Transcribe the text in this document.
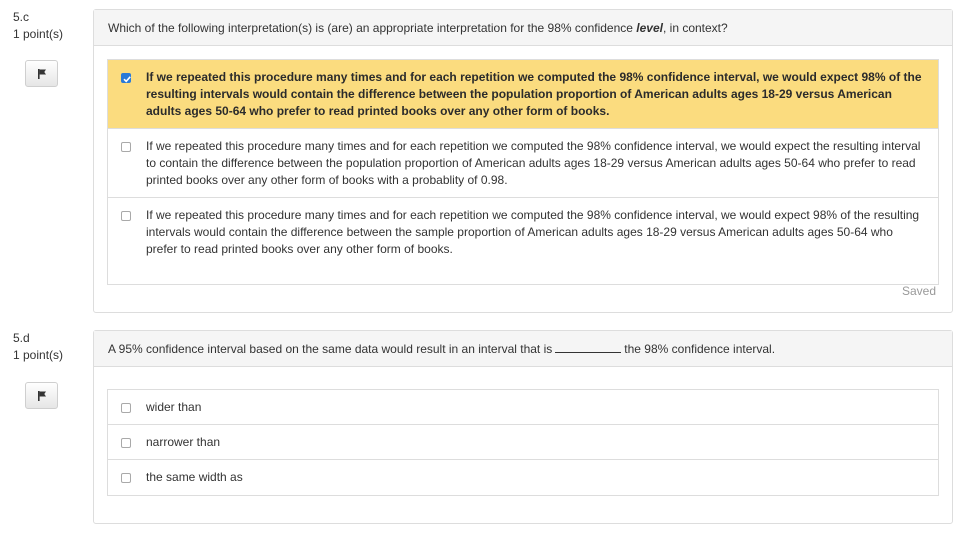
5.c
1 point(s)	Which of the following interpretation(s) is (are) an appropriate interpretation for the 98% confidence level, in context?
If we repeated this procedure many times and for each repetition we computed the 98% confidence interval, we would expect 98% of the resulting intervals would contain the difference between the population proportion of American adults ages 18-29 versus American adults ages 50-64 who prefer to read printed books over any other form of books.
If we repeated this procedure many times and for each repetition we computed the 98% confidence interval, we would expect the resulting interval to contain the difference between the population proportion of American adults ages 18-29 versus American adults ages 50-64 who prefer to read printed books over any other form of books with a probablity of 0.98.
If we repeated this procedure many times and for each repetition we computed the 98% confidence interval, we would expect 98% of the resulting intervals would contain the difference between the sample proportion of American adults ages 18-29 versus American adults ages 50-64 who prefer to read printed books over any other form of books.
Saved
5.d
1 point(s)	A 95% confidence interval based on the same data would result in an interval that is	the 98% confidence interval.
wider than
narrower than
the same width as
